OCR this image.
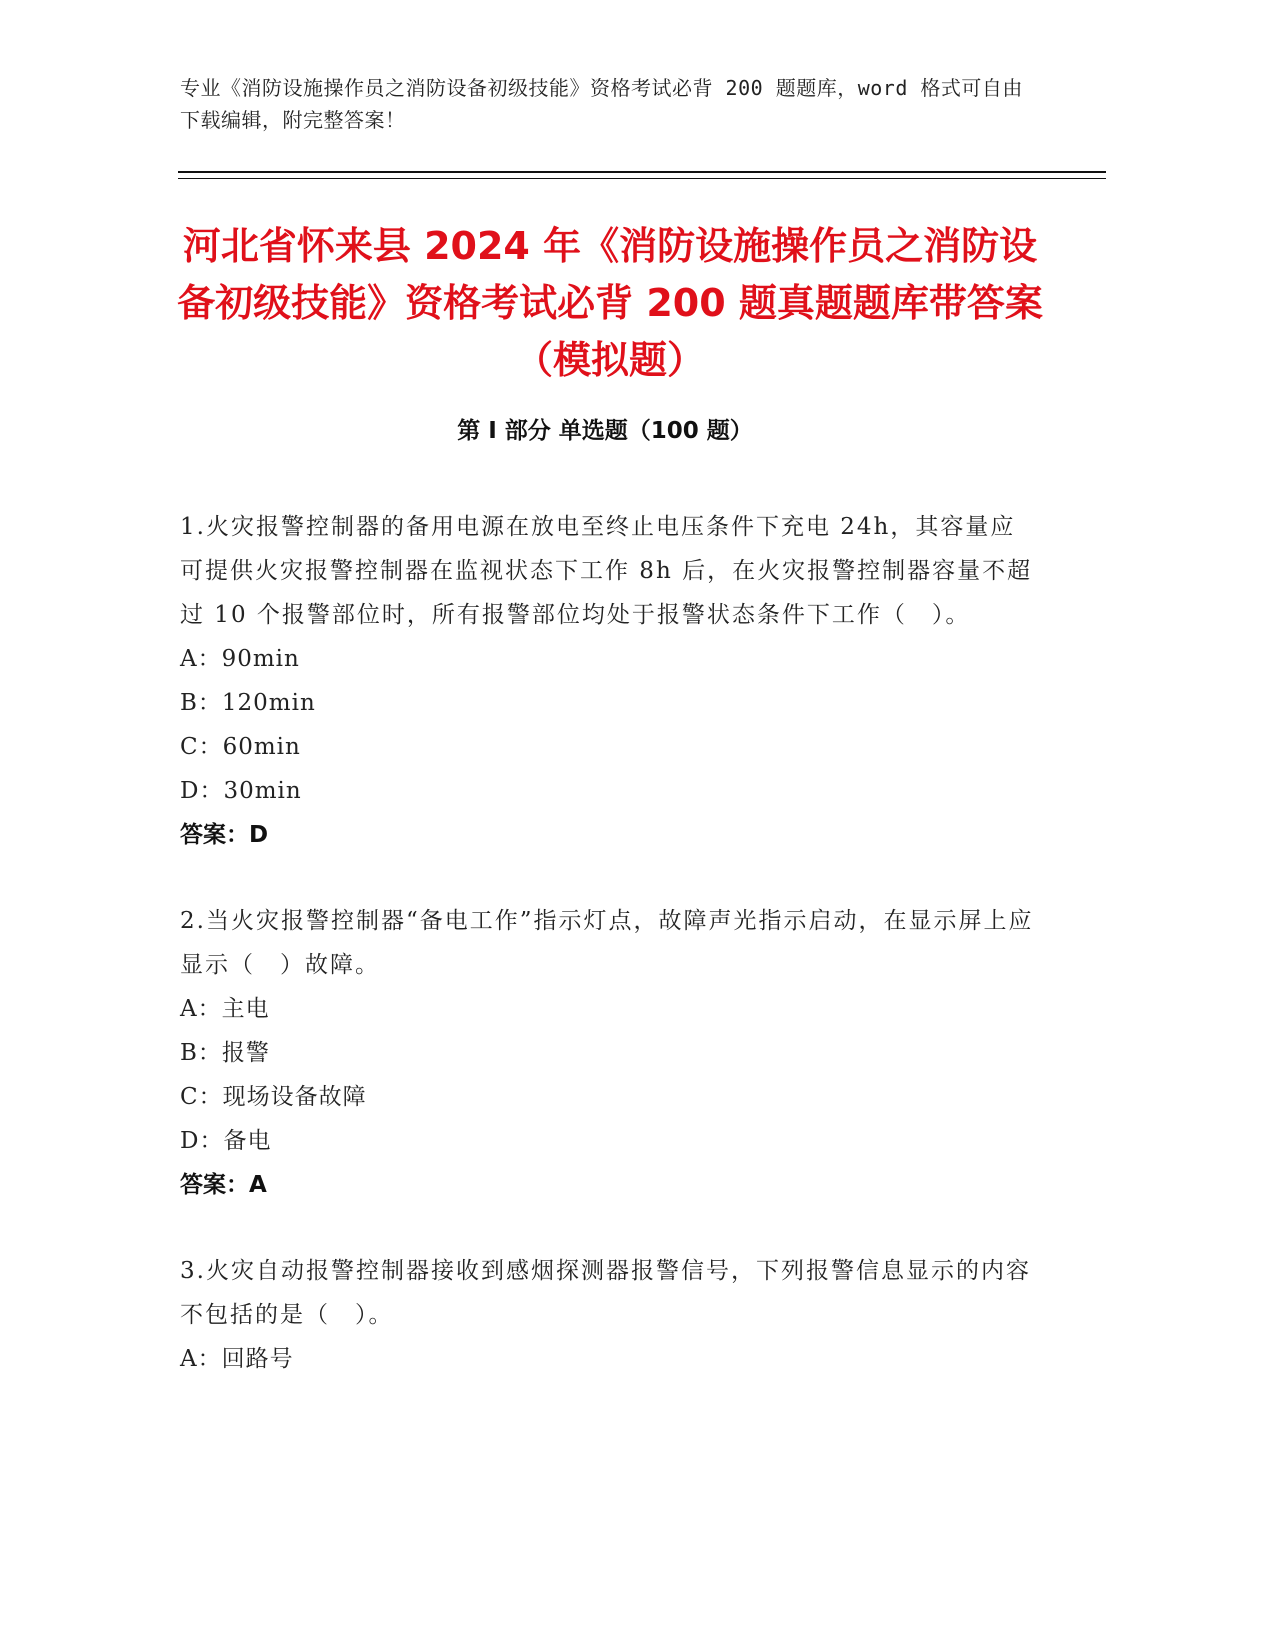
专业《消防设施操作员之消防设备初级技能》资格考试必背 200 题题库，word 格式可自由下载编辑，附完整答案！
河北省怀来县 2024 年《消防设施操作员之消防设备初级技能》资格考试必背 200 题真题题库带答案（模拟题）
第 I 部分 单选题（100 题）

1.火灾报警控制器的备用电源在放电至终止电压条件下充电 24h，其容量应可提供火灾报警控制器在监视状态下工作 8h 后，在火灾报警控制器容量不超过 10 个报警部位时，所有报警部位均处于报警状态条件下工作（　）。

A：90min

B：120min

C：60min

D：30min

答案：D

2.当火灾报警控制器“备电工作”指示灯点，故障声光指示启动，在显示屏上应显示（　）故障。

A：主电

B：报警

C：现场设备故障

D：备电

答案：A

3.火灾自动报警控制器接收到感烟探测器报警信号，下列报警信息显示的内容不包括的是（　）。

A：回路号
